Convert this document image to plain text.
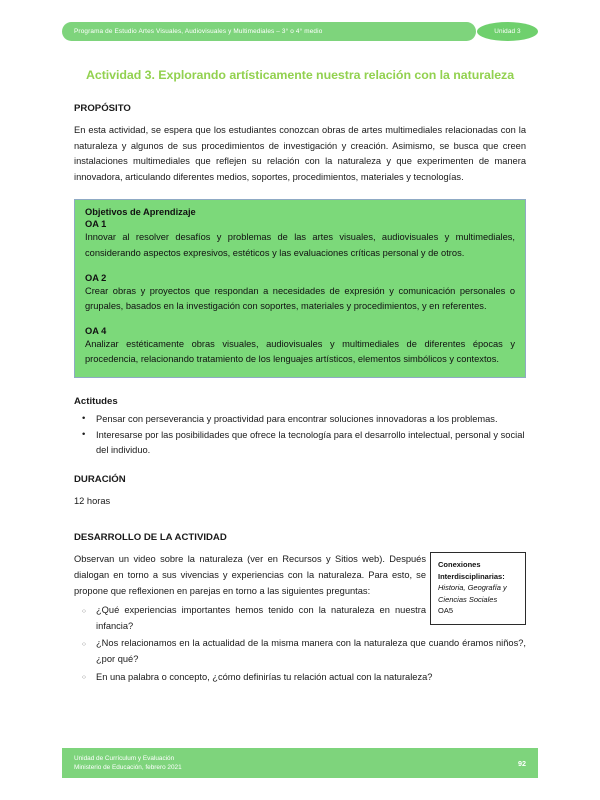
Programa de Estudio Artes Visuales, Audiovisuales y Multimediales – 3° o 4° medio	Unidad 3
Actividad 3. Explorando artísticamente nuestra relación con la naturaleza
PROPÓSITO
En esta actividad, se espera que los estudiantes conozcan obras de artes multimediales relacionadas con la naturaleza y algunos de sus procedimientos de investigación y creación. Asimismo, se busca que creen instalaciones multimediales que reflejen su relación con la naturaleza y que experimenten de manera innovadora, articulando diferentes medios, soportes, procedimientos, materiales y tecnologías.
Objetivos de Aprendizaje
OA 1
Innovar al resolver desafíos y problemas de las artes visuales, audiovisuales y multimediales, considerando aspectos expresivos, estéticos y las evaluaciones críticas personal y de otros.
OA 2
Crear obras y proyectos que respondan a necesidades de expresión y comunicación personales o grupales, basados en la investigación con soportes, materiales y procedimientos, y en referentes.
OA 4
Analizar estéticamente obras visuales, audiovisuales y multimediales de diferentes épocas y procedencia, relacionando tratamiento de los lenguajes artísticos, elementos simbólicos y contextos.
Actitudes
• Pensar con perseverancia y proactividad para encontrar soluciones innovadoras a los problemas.
• Interesarse por las posibilidades que ofrece la tecnología para el desarrollo intelectual, personal y social del individuo.
DURACIÓN
12 horas
DESARROLLO DE LA ACTIVIDAD
Observan un video sobre la naturaleza (ver en Recursos y Sitios web). Después dialogan en torno a sus vivencias y experiencias con la naturaleza. Para esto, se propone que reflexionen en parejas en torno a las siguientes preguntas:
Conexiones
Interdisciplinarias:
Historia, Geografía y
Ciencias Sociales
OA5
○ ¿Qué experiencias importantes hemos tenido con la naturaleza en nuestra infancia?
○ ¿Nos relacionamos en la actualidad de la misma manera con la naturaleza que cuando éramos niños?, ¿por qué?
○ En una palabra o concepto, ¿cómo definirías tu relación actual con la naturaleza?
Unidad de Currículum y Evaluación
Ministerio de Educación, febrero 2021	92
